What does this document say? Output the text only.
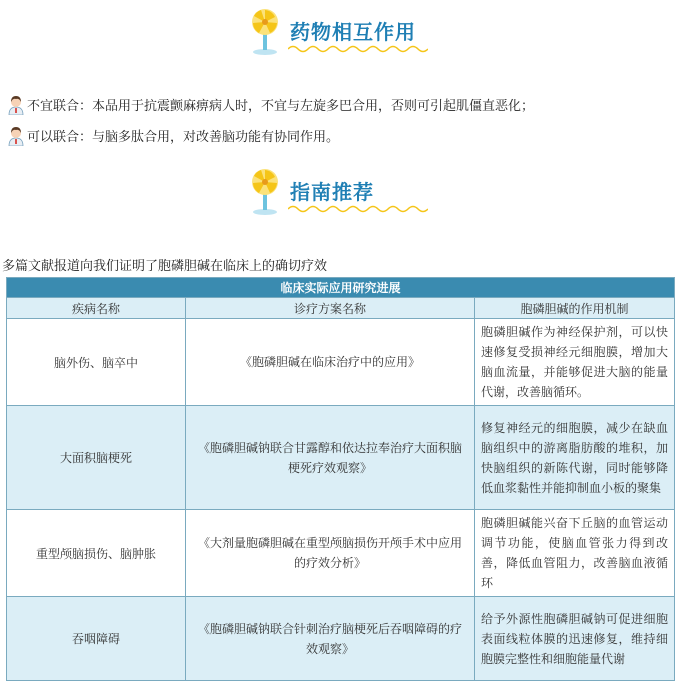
药物相互作用
不宜联合：本品用于抗震颤麻痹病人时，不宜与左旋多巴合用，否则可引起肌僵直恶化；
可以联合：与脑多肽合用，对改善脑功能有协同作用。
指南推荐
多篇文献报道向我们证明了胞磷胆碱在临床上的确切疗效
临床实际应用研究进展		
疾病名称	诊疗方案名称	胞磷胆碱的作用机制
脑外伤、脑卒中	《胞磷胆碱在临床治疗中的应用》	胞磷胆碱作为神经保护剂，可以快速修复受损神经元细胞膜，增加大脑血流量，并能够促进大脑的能量代谢，改善脑循环。

大面积脑梗死	《胞磷胆碱钠联合甘露醇和依达拉奉治疗大面积脑梗死疗效观察》	修复神经元的细胞膜，减少在缺血脑组织中的游离脂肪酸的堆积，加快脑组织的新陈代谢，同时能够降低血浆黏性并能抑制血小板的聚集

重型颅脑损伤、脑肿胀	《大剂量胞磷胆碱在重型颅脑损伤开颅手术中应用的疗效分析》	胞磷胆碱能兴奋下丘脑的血管运动调节功能，使脑血管张力得到改善，降低血管阻力，改善脑血液循环

吞咽障碍	《胞磷胆碱钠联合针刺治疗脑梗死后吞咽障碍的疗效观察》	给予外源性胞磷胆碱钠可促进细胞表面线粒体膜的迅速修复，维持细胞膜完整性和细胞能量代谢
